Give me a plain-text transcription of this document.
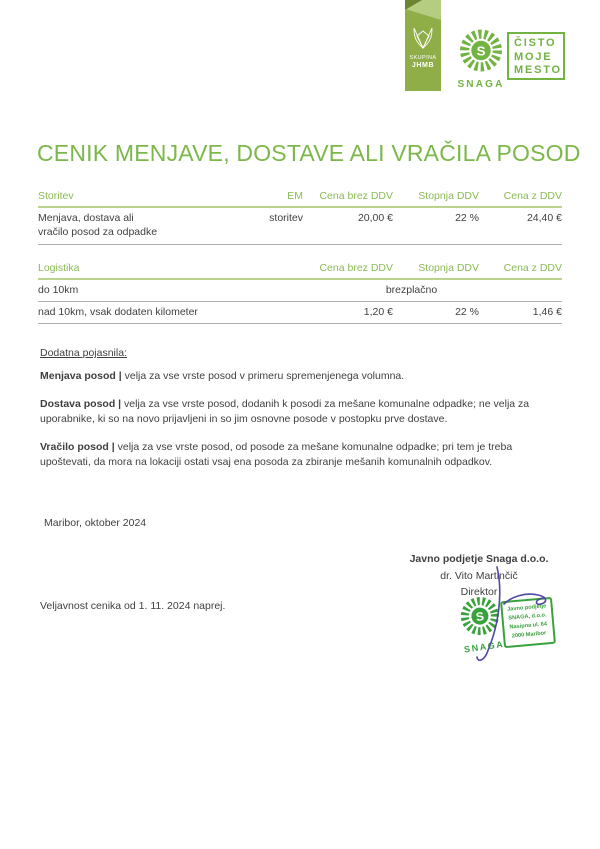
SKUPINA
JHMB
S
SNAGA
ČISTO
MOJE
MESTO
CENIK MENJAVE, DOSTAVE ALI VRAČILA POSOD
Storitev	EM	Cena brez DDV	Stopnja DDV	Cena z DDV

Menjava, dostava ali vračilo posod za odpadke	storitev	20,00 €	22 %	24,40 €
Logistika	Cena brez DDV	Stopnja DDV	Cena z DDV
do 10km	brezplačno		
nad 10km, vsak dodaten kilometer	1,20 €	22 %	1,46 €

Dodatna pojasnila:

Menjava posod | velja za vse vrste posod v primeru spremenjenega volumna.

Dostava posod | velja za vse vrste posod, dodanih k posodi za mešane komunalne odpadke; ne velja za uporabnike, ki so na novo prijavljeni in so jim osnovne posode v postopku prve dostave.

Vračilo posod | velja za vse vrste posod, od posode za mešane komunalne odpadke; pri tem je treba upoštevati, da mora na lokaciji ostati vsaj ena posoda za zbiranje mešanih komunalnih odpadkov.

Maribor, oktober 2024
Javno podjetje Snaga d.o.o.
dr. Vito Martinčič
Direktor
Veljavnost cenika od 1. 11. 2024 naprej.
S
SNAGA
Javno podjetje
SNAGA, d.o.o.
Nasipna ul. 64
2000 Maribor
